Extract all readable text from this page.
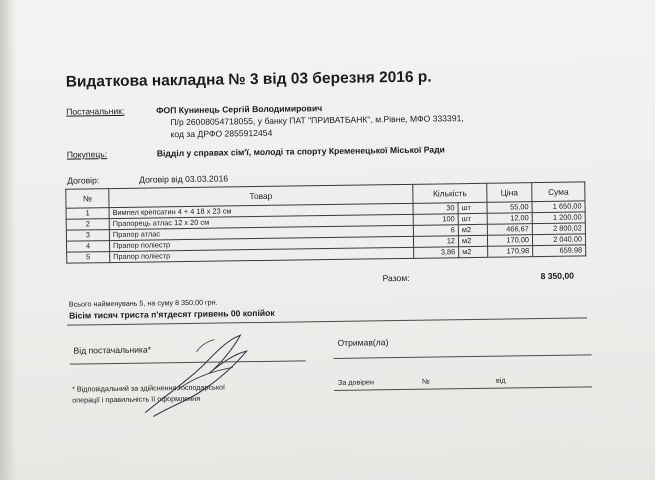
Видаткова накладна № 3 від 03 березня 2016 р.
Постачальник:	ФОП Кунинець Сергій Володимирович
П/р 26008054718055, у банку ПАТ "ПРИВАТБАНК", м.Рівне, МФО 333391,
код за ДРФО 2855912454
Покупець:	Відділ у справах сім'ї, молоді та спорту Кременецької Міської Ради
Договір:	Договір від 03.03.2016
№	Товар	Кількість		Ціна	Сума
1	Вимпел крепсатин 4 + 4 18 х 23 см	30	шт	55,00	1 650,00
2	Прапорець атлас 12 х 20 см	100	шт	12,00	1 200,00
3	Прапор атлас	6	м2	466,67	2 800,02
4	Прапор поліестр	12	м2	170,00	2 040,00
5	Прапор поліестр	3,86	м2	170,98	659,98
Разом:	8 350,00
Всього найменувань 5, на суму 8 350,00 грн.
Вісім тисяч триста п'ятдесят гривень 00 копійок
Від постачальника*
Отримав(ла)
* Відповідальний за здійснення господарської
операції і правильність її оформлення
За довірен	№	від
